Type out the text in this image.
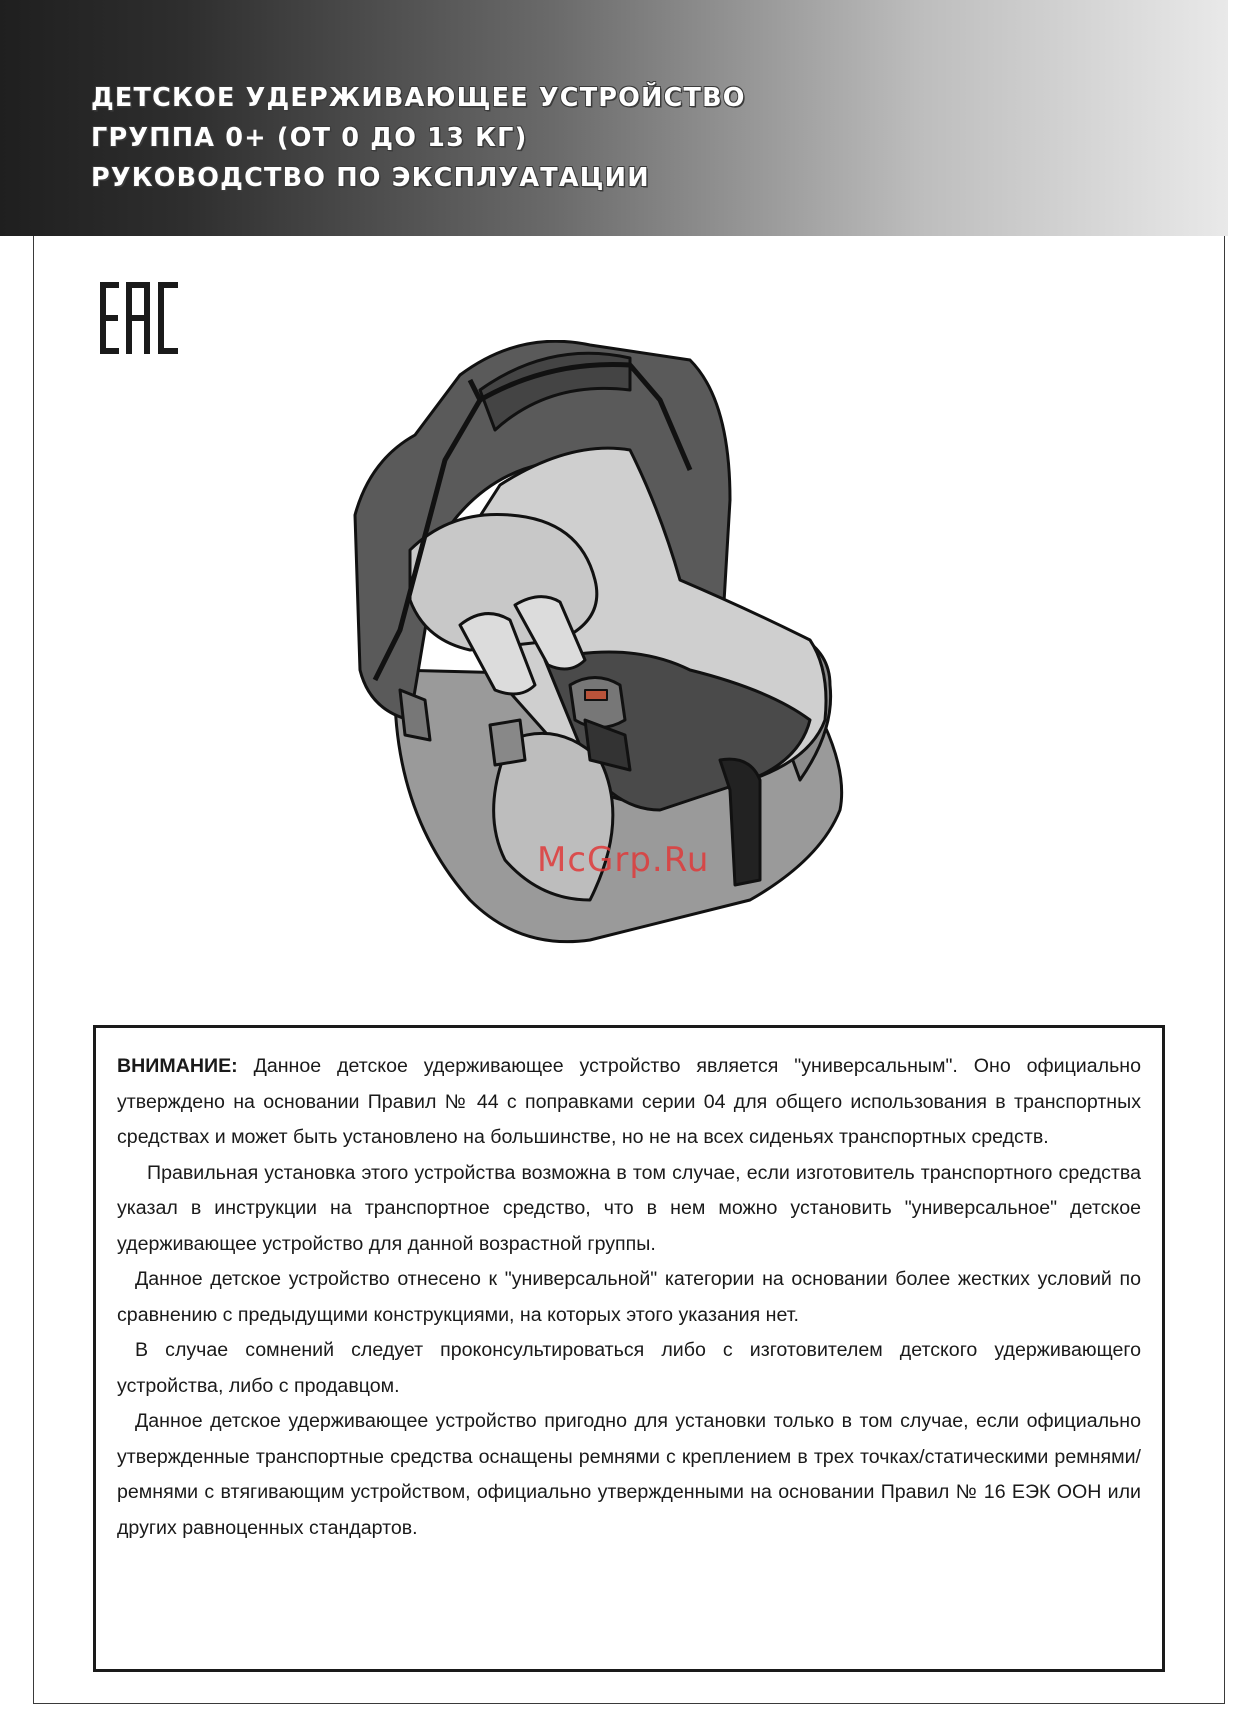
ДЕТСКОЕ УДЕРЖИВАЮЩЕЕ УСТРОЙСТВО
ГРУППА 0+ (ОТ 0 ДО 13 КГ)
РУКОВОДСТВО ПО ЭКСПЛУАТАЦИИ
McGrp.Ru

ВНИМАНИЕ: Данное детское удерживающее устройство является "универсальным". Оно официально утверждено на основании Правил № 44 с поправками серии 04 для общего использования в транспортных средствах и может быть установлено на большинстве, но не на всех сиденьях транспортных средств.

Правильная установка этого устройства возможна в том случае, если изготовитель транспортного средства указал в инструкции на транспортное средство, что в нем можно установить "универсальное" детское удерживающее устройство для данной возрастной группы.

Данное детское устройство отнесено к "универсальной" категории на основании более жестких условий по сравнению с предыдущими конструкциями, на которых этого указания нет.

В случае сомнений следует проконсультироваться либо с изготовителем детского удерживающего устройства, либо с продавцом.

Данное детское удерживающее устройство пригодно для установки только в том случае, если официально утвержденные транспортные средства оснащены ремнями с креплением в трех точках/статическими ремнями/ремнями с втягивающим устройством, официально утвержденными на основании Правил № 16 ЕЭК ООН или других равноценных стандартов.
